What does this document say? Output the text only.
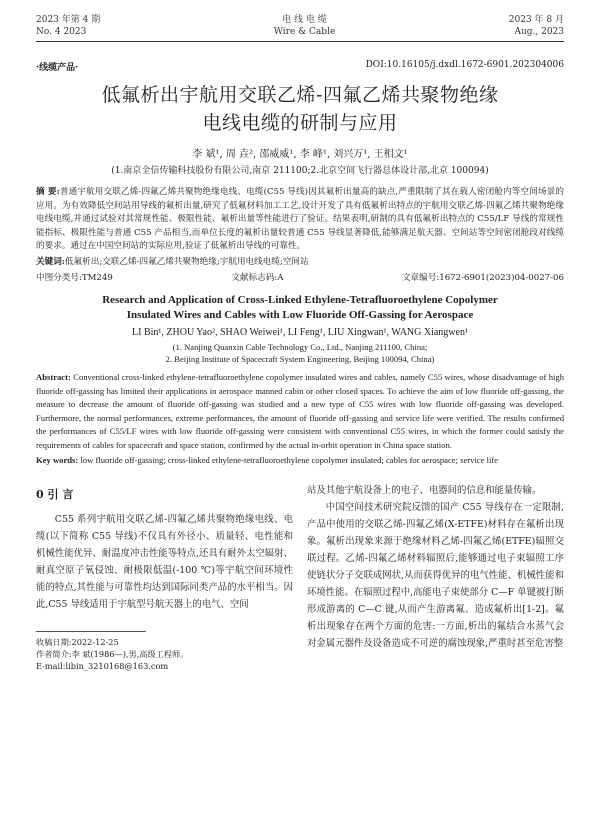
2023 年第 4 期
No. 4 2023
电 线 电 缆
Wire & Cable
2023 年 8 月
Aug., 2023
·线缆产品·	DOI:10.16105/j.dxdl.1672-6901.202304006
低氟析出宇航用交联乙烯-四氟乙烯共聚物绝缘
电线电缆的研制与应用
李 斌¹, 周 垚², 邵威威¹, 李 峰¹, 刘兴万¹, 王相文¹
(1.南京全信传输科技股份有限公司,南京 211100;2.北京空间飞行器总体设计部,北京 100094)
摘 要:普通宇航用交联乙烯-四氟乙烯共聚物绝缘电线、电缆(C55 导线)因其氟析出量高的缺点,严重限制了其在载人密闭舱内等空间场景的应用。为有效降低空间站用导线的氟析出量,研究了低氟材料加工工艺,设计开发了具有低氟析出特点的宇航用交联乙烯-四氟乙烯共聚物绝缘电线电缆,并通过试验对其常规性能、极限性能、氟析出量等性能进行了验证。结果表明,研制的具有低氟析出特点的 C55/LF 导线的常规性能指标、极限性能与普通 C55 产品相当,而单位长度的氟析出量较普通 C55 导线显著降低,能够满足航天器、空间站等空间密闭舱段对线缆的要求。通过在中国空间站的实际应用,验证了低氟析出导线的可靠性。
关键词:低氟析出;交联乙烯-四氟乙烯共聚物绝缘;宇航用电线电缆;空间站
中图分类号:TM249	文献标志码:A	文章编号:1672-6901(2023)04-0027-06
Research and Application of Cross-Linked Ethylene-Tetrafluoroethylene Copolymer
Insulated Wires and Cables with Low Fluoride Off-Gassing for Aerospace
LI Bin¹, ZHOU Yao², SHAO Weiwei¹, LI Feng¹, LIU Xingwan¹, WANG Xiangwen¹
(1. Nanjing Quanxin Cable Technology Co., Ltd., Nanjing 211100, China;
2. Beijing Institute of Spacecraft System Engineering, Beijing 100094, China)
Abstract: Conventional cross-linked ethylene-tetrafluoroethylene copolymer insulated wires and cables, namely C55 wires, whose disadvantage of high fluoride off-gassing has limited their applications in aerospace manned cabin or other closed spaces. To achieve the aim of low fluoride off-gassing, the measure to decrease the amount of fluoride off-gassing was studied and a new type of C55 wires with low fluoride off-gassing was developed. Furthermore, the normal performances, extreme performances, the amount of fluoride off-gassing and service life were verified. The results confirmed the performances of C55/LF wires with low fluoride off-gassing were consistent with conventional C55 wires, in which the former could satisfy the requirements of cables for spacecraft and space station, confirmed by the actual in-orbit operation in China space station.
Key words: low fluoride off-gassing; cross-linked ethylene-tetrafluoroethylene copolymer insulated; cables for aerospace; service life
0 引 言
C55 系列宇航用交联乙烯-四氟乙烯共聚物绝缘电线、电缆(以下简称 C55 导线)不仅具有外径小、质量轻、电性能和机械性能优异、耐温度冲击性能等特点,还具有耐外太空辐射、耐真空原子氧侵蚀、耐极限低温(-100 ℃)等宇航空间环境性能的特点,其性能与可靠性均达到国际同类产品的水平相当。因此,C55 导线适用于宇航型号航天器上的电气、空间
收稿日期:2022-12-25
作者简介:李 斌(1986—),男,高级工程师。
E-mail:libin_3210168@163.com
站及其他宇航设备上的电子、电器间的信息和能量传输。
中国空间技术研究院反馈的国产 C55 导线存在一定限制,产品中使用的交联乙烯-四氟乙烯(X-ETFE)材料存在氟析出现象。氟析出现象来源于绝缘材料乙烯-四氟乙烯(ETFE)辐照交联过程。乙烯-四氟乙烯材料辐照后,能够通过电子束辐照工序使链状分子交联成网状,从而获得优异的电气性能、机械性能和环境性能。在辐照过程中,高能电子束使部分 C—F 单键被打断形成游离的 C—C 键,从而产生游离氟、造成氟析出[1-2]。氟析出现象存在两个方面的危害:一方面,析出的氟结合水蒸气会对金属元器件及设备造成不可逆的腐蚀现象,严重时甚至危害整
